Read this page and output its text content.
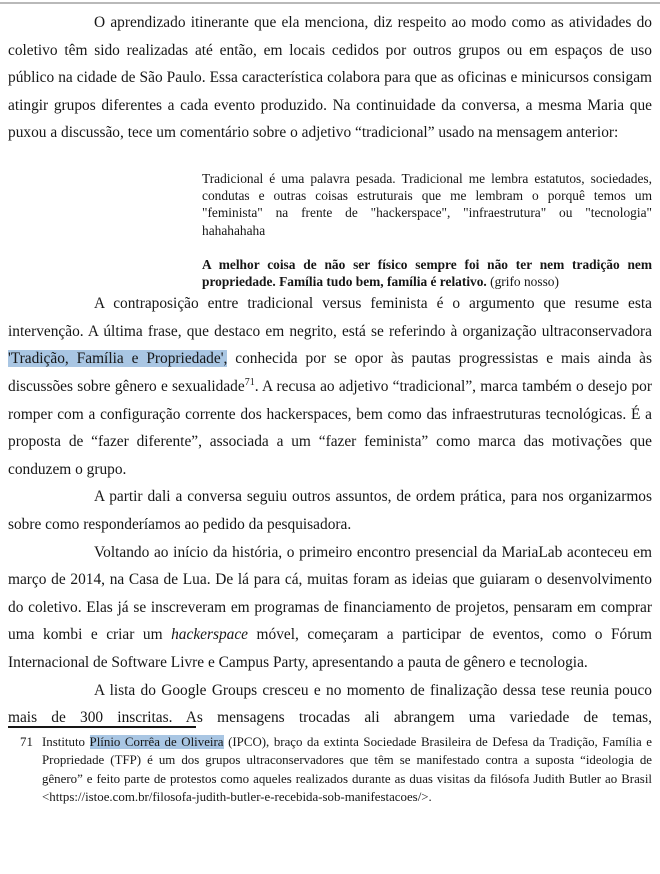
O aprendizado itinerante que ela menciona, diz respeito ao modo como as atividades do coletivo têm sido realizadas até então, em locais cedidos por outros grupos ou em espaços de uso público na cidade de São Paulo. Essa característica colabora para que as oficinas e minicursos consigam atingir grupos diferentes a cada evento produzido. Na continuidade da conversa, a mesma Maria que puxou a discussão, tece um comentário sobre o adjetivo “tradicional” usado na mensagem anterior:

Tradicional é uma palavra pesada. Tradicional me lembra estatutos, sociedades, condutas e outras coisas estruturais que me lembram o porquê temos um "feminista" na frente de "hackerspace", "infraestrutura" ou "tecnologia" hahahahaha
A melhor coisa de não ser físico sempre foi não ter nem tradição nem propriedade. Família tudo bem, família é relativo. (grifo nosso)

A contraposição entre tradicional versus feminista é o argumento que resume esta intervenção. A última frase, que destaco em negrito, está se referindo à organização ultraconservadora 'Tradição, Família e Propriedade', conhecida por se opor às pautas progressistas e mais ainda às discussões sobre gênero e sexualidade$^{71}$. A recusa ao adjetivo “tradicional”, marca também o desejo por romper com a configuração corrente dos hackerspaces, bem como das infraestruturas tecnológicas. É a proposta de “fazer diferente”, associada a um “fazer feminista” como marca das motivações que conduzem o grupo.

A partir dali a conversa seguiu outros assuntos, de ordem prática, para nos organizarmos sobre como responderíamos ao pedido da pesquisadora.

Voltando ao início da história, o primeiro encontro presencial da MariaLab aconteceu em março de 2014, na Casa de Lua. De lá para cá, muitas foram as ideias que guiaram o desenvolvimento do coletivo. Elas já se inscreveram em programas de financiamento de projetos, pensaram em comprar uma kombi e criar um hackerspace móvel, começaram a participar de eventos, como o Fórum Internacional de Software Livre e Campus Party, apresentando a pauta de gênero e tecnologia.

A lista do Google Groups cresceu e no momento de finalização dessa tese reunia pouco mais de 300 inscritas. As mensagens trocadas ali abrangem uma variedade de temas,

71 Instituto Plínio Corrêa de Oliveira (IPCO), braço da extinta Sociedade Brasileira de Defesa da Tradição, Família e Propriedade (TFP) é um dos grupos ultraconservadores que têm se manifestado contra a suposta “ideologia de gênero” e feito parte de protestos como aqueles realizados durante as duas visitas da filósofa Judith Butler ao Brasil <https://istoe.com.br/filosofa-judith-butler-e-recebida-sob-manifestacoes/>.
